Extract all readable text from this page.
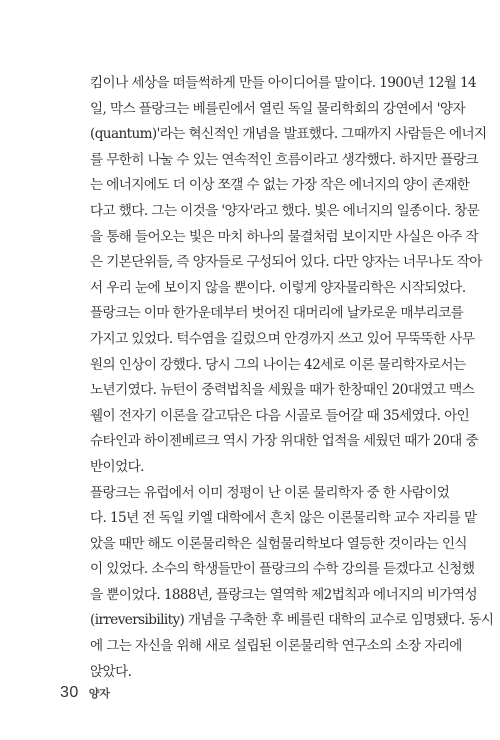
킴이나 세상을 떠들썩하게 만들 아이디어를 말이다. 1900년 12월 14
일, 막스 플랑크는 베를린에서 열린 독일 물리학회의 강연에서 '양자
(quantum)'라는 혁신적인 개념을 발표했다. 그때까지 사람들은 에너지
를 무한히 나눌 수 있는 연속적인 흐름이라고 생각했다. 하지만 플랑크
는 에너지에도 더 이상 쪼갤 수 없는 가장 작은 에너지의 양이 존재한
다고 했다. 그는 이것을 '양자'라고 했다. 빛은 에너지의 일종이다. 창문
을 통해 들어오는 빛은 마치 하나의 물결처럼 보이지만 사실은 아주 작
은 기본단위들, 즉 양자들로 구성되어 있다. 다만 양자는 너무나도 작아
서 우리 눈에 보이지 않을 뿐이다. 이렇게 양자물리학은 시작되었다.
플랑크는 이마 한가운데부터 벗어진 대머리에 날카로운 매부리코를
가지고 있었다. 턱수염을 길렀으며 안경까지 쓰고 있어 무뚝뚝한 사무
원의 인상이 강했다. 당시 그의 나이는 42세로 이론 물리학자로서는
노년기였다. 뉴턴이 중력법칙을 세웠을 때가 한창때인 20대였고 맥스
웰이 전자기 이론을 갈고닦은 다음 시골로 들어갈 때 35세였다. 아인
슈타인과 하이젠베르크 역시 가장 위대한 업적을 세웠던 때가 20대 중
반이었다.
플랑크는 유럽에서 이미 정평이 난 이론 물리학자 중 한 사람이었
다. 15년 전 독일 키엘 대학에서 흔치 않은 이론물리학 교수 자리를 맡
았을 때만 해도 이론물리학은 실험물리학보다 열등한 것이라는 인식
이 있었다. 소수의 학생들만이 플랑크의 수학 강의를 듣겠다고 신청했
을 뿐이었다. 1888년, 플랑크는 열역학 제2법칙과 에너지의 비가역성
(irreversibility) 개념을 구축한 후 베를린 대학의 교수로 임명됐다. 동시
에 그는 자신을 위해 새로 설립된 이론물리학 연구소의 소장 자리에
앉았다.
30 양자
